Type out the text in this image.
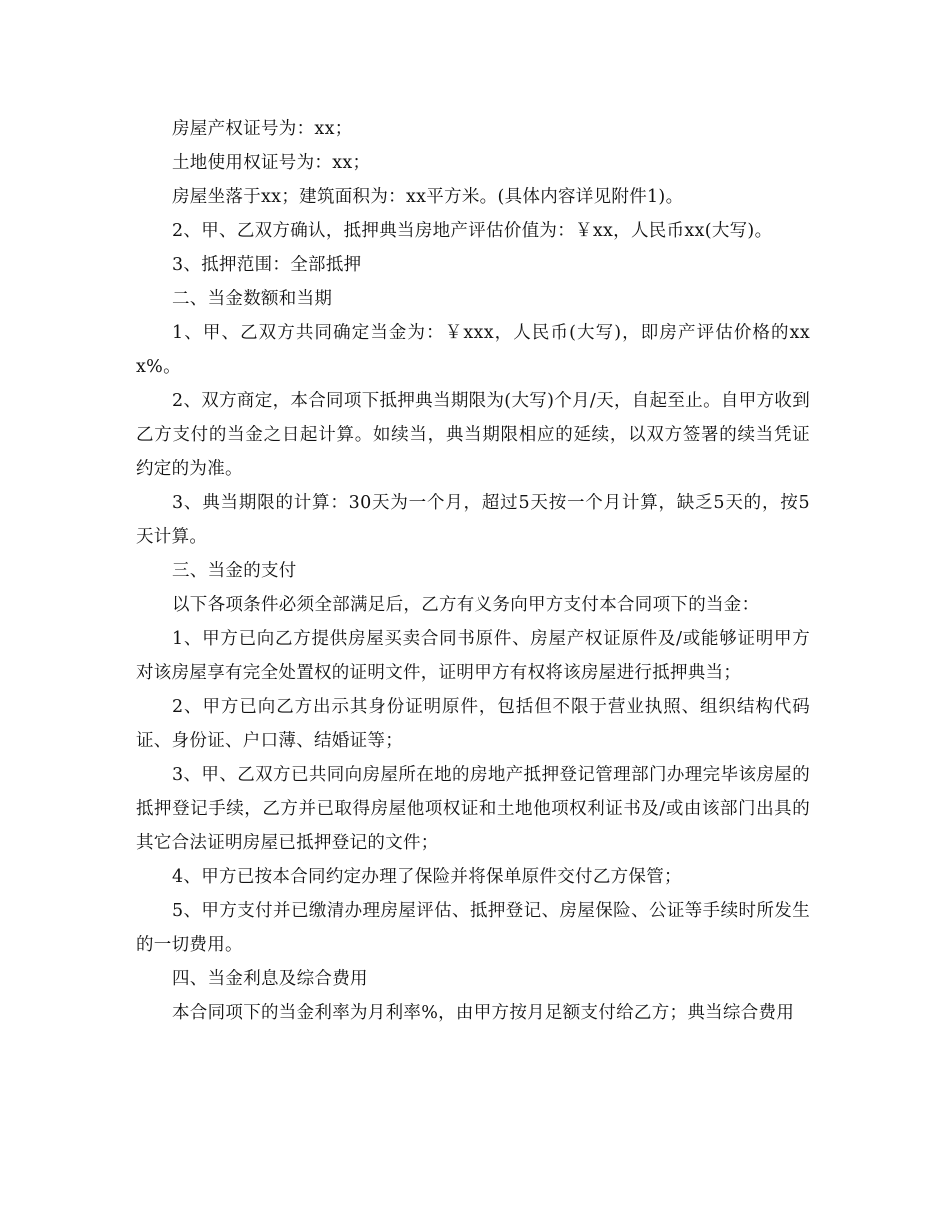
房屋产权证号为：xx；

土地使用权证号为：xx；

房屋坐落于xx；建筑面积为：xx平方米。(具体内容详见附件1)。

2、甲、乙双方确认，抵押典当房地产评估价值为：￥xx，人民币xx(大写)。

3、抵押范围：全部抵押

二、当金数额和当期

1、甲、乙双方共同确定当金为：￥xxx，人民币(大写)，即房产评估价格的xxx%。

2、双方商定，本合同项下抵押典当期限为(大写)个月/天，自起至止。自甲方收到乙方支付的当金之日起计算。如续当，典当期限相应的延续，以双方签署的续当凭证约定的为准。

3、典当期限的计算：30天为一个月，超过5天按一个月计算，缺乏5天的，按5天计算。

三、当金的支付

以下各项条件必须全部满足后，乙方有义务向甲方支付本合同项下的当金：

1、甲方已向乙方提供房屋买卖合同书原件、房屋产权证原件及/或能够证明甲方对该房屋享有完全处置权的证明文件，证明甲方有权将该房屋进行抵押典当；

2、甲方已向乙方出示其身份证明原件，包括但不限于营业执照、组织结构代码证、身份证、户口薄、结婚证等；

3、甲、乙双方已共同向房屋所在地的房地产抵押登记管理部门办理完毕该房屋的抵押登记手续，乙方并已取得房屋他项权证和土地他项权利证书及/或由该部门出具的其它合法证明房屋已抵押登记的文件；

4、甲方已按本合同约定办理了保险并将保单原件交付乙方保管；

5、甲方支付并已缴清办理房屋评估、抵押登记、房屋保险、公证等手续时所发生的一切费用。

四、当金利息及综合费用

本合同项下的当金利率为月利率%，由甲方按月足额支付给乙方；典当综合费用
